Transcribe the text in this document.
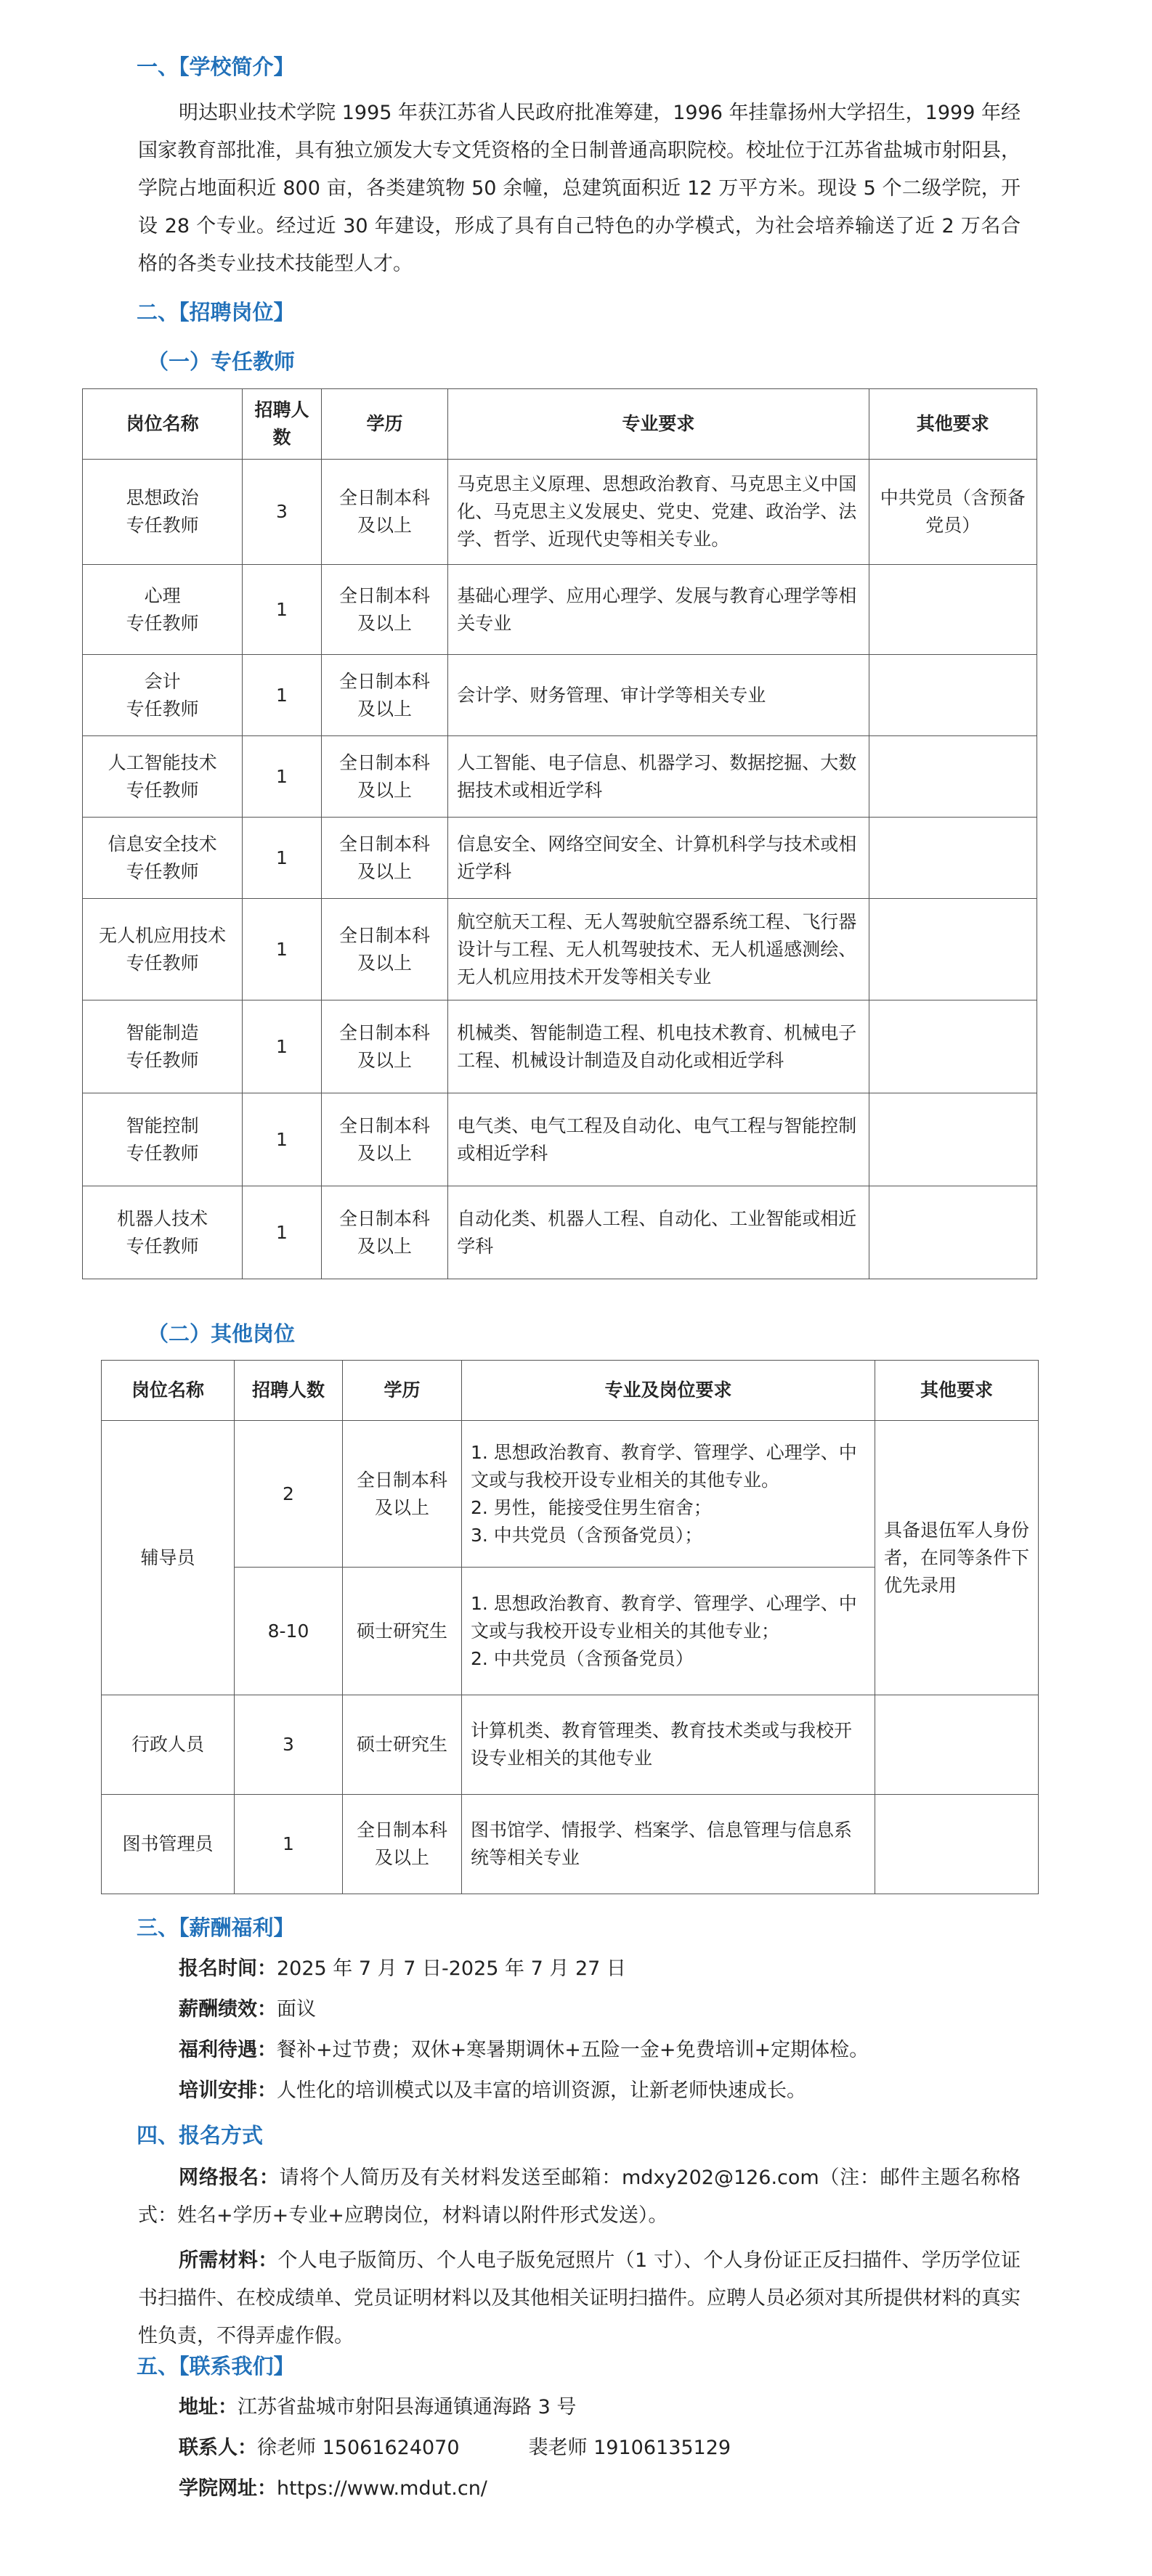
一、【学校简介】

明达职业技术学院 1995 年获江苏省人民政府批准筹建，1996 年挂靠扬州大学招生，1999 年经国家教育部批准，具有独立颁发大专文凭资格的全日制普通高职院校。校址位于江苏省盐城市射阳县，学院占地面积近 800 亩，各类建筑物 50 余幢，总建筑面积近 12 万平方米。现设 5 个二级学院，开设 28 个专业。经过近 30 年建设，形成了具有自己特色的办学模式，为社会培养输送了近 2 万名合格的各类专业技术技能型人才。

二、【招聘岗位】
（一）专任教师
岗位名称	招聘人数	学历	专业要求	其他要求

思想政治
专任教师	3	全日制本科
及以上	马克思主义原理、思想政治教育、马克思主义中国化、马克思主义发展史、党史、党建、政治学、法学、哲学、近现代史等相关专业。	中共党员（含预备党员）

心理
专任教师	1	全日制本科
及以上	基础心理学、应用心理学、发展与教育心理学等相关专业	

会计
专任教师	1	全日制本科
及以上	会计学、财务管理、审计学等相关专业	

人工智能技术
专任教师	1	全日制本科
及以上	人工智能、电子信息、机器学习、数据挖掘、大数据技术或相近学科	

信息安全技术
专任教师	1	全日制本科
及以上	信息安全、网络空间安全、计算机科学与技术或相近学科	

无人机应用技术
专任教师	1	全日制本科
及以上	航空航天工程、无人驾驶航空器系统工程、飞行器设计与工程、无人机驾驶技术、无人机遥感测绘、无人机应用技术开发等相关专业	

智能制造
专任教师	1	全日制本科
及以上	机械类、智能制造工程、机电技术教育、机械电子工程、机械设计制造及自动化或相近学科	

智能控制
专任教师	1	全日制本科
及以上	电气类、电气工程及自动化、电气工程与智能控制或相近学科	

机器人技术
专任教师	1	全日制本科
及以上	自动化类、机器人工程、自动化、工业智能或相近学科	
（二）其他岗位
岗位名称	招聘人数	学历	专业及岗位要求	其他要求
辅导员	2	全日制本科
及以上	1. 思想政治教育、教育学、管理学、心理学、中文或与我校开设专业相关的其他专业。
2. 男性，能接受住男生宿舍；
3. 中共党员（含预备党员）；	具备退伍军人身份者，在同等条件下优先录用
	8-10	硕士研究生	1. 思想政治教育、教育学、管理学、心理学、中文或与我校开设专业相关的其他专业；
2. 中共党员（含预备党员）	

行政人员	3	硕士研究生	计算机类、教育管理类、教育技术类或与我校开设专业相关的其他专业	
图书管理员	1	全日制本科
及以上	图书馆学、情报学、档案学、信息管理与信息系统等相关专业	
三、【薪酬福利】

报名时间：2025 年 7 月 7 日-2025 年 7 月 27 日

薪酬绩效：面议

福利待遇：餐补+过节费；双休+寒暑期调休+五险一金+免费培训+定期体检。

培训安排：人性化的培训模式以及丰富的培训资源，让新老师快速成长。

四、报名方式

网络报名：请将个人简历及有关材料发送至邮箱：mdxy202@126.com（注：邮件主题名称格式：姓名+学历+专业+应聘岗位，材料请以附件形式发送）。

所需材料：个人电子版简历、个人电子版免冠照片（1 寸）、个人身份证正反扫描件、学历学位证书扫描件、在校成绩单、党员证明材料以及其他相关证明扫描件。应聘人员必须对其所提供材料的真实性负责，不得弄虚作假。

五、【联系我们】

地址：江苏省盐城市射阳县海通镇通海路 3 号

联系人：徐老师 15061624070	裴老师 19106135129

学院网址：https://www.mdut.cn/
